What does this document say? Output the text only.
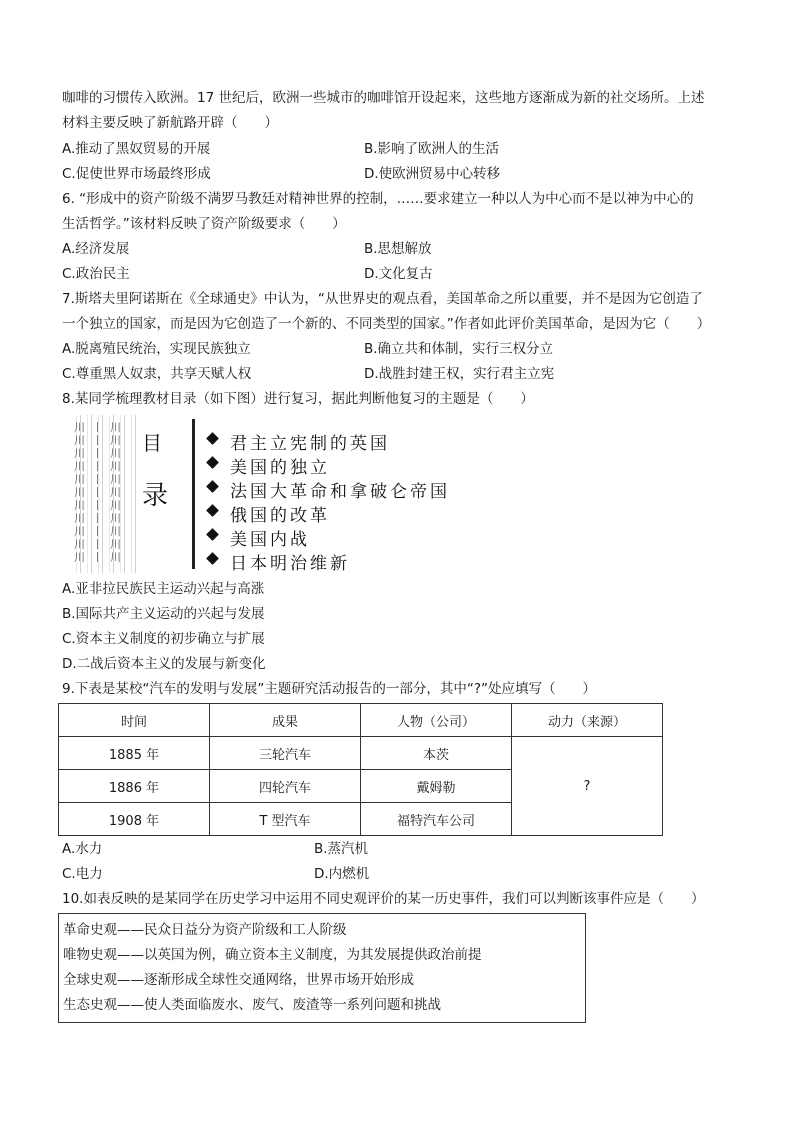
咖啡的习惯传入欧洲。17 世纪后，欧洲一些城市的咖啡馆开设起来，这些地方逐渐成为新的社交场所。上述
材料主要反映了新航路开辟（　　）
A.推动了黑奴贸易的开展	B.影响了欧洲人的生活
C.促使世界市场最终形成	D.使欧洲贸易中心转移
6. “形成中的资产阶级不满罗马教廷对精神世界的控制，……要求建立一种以人为中心而不是以神为中心的
生活哲学。”该材料反映了资产阶级要求（　　）
A.经济发展	B.思想解放
C.政治民主	D.文化复古
7.斯塔夫里阿诺斯在《全球通史》中认为，“从世界史的观点看，美国革命之所以重要，并不是因为它创造了
一个独立的国家，而是因为它创造了一个新的、不同类型的国家。”作者如此评价美国革命，是因为它（　　）
A.脱离殖民统治，实现民族独立	B.确立共和体制，实行三权分立
C.尊重黑人奴隶，共享天赋人权	D.战胜封建王权，实行君主立宪
8.某同学梳理教材目录（如下图）进行复习，据此判断他复习的主题是（　　）
川川川川川川川川川川川
丨丨丨丨丨丨丨丨丨丨丨
川川川川川川川川川川川
目
录
君主立宪制的英国
美国的独立
法国大革命和拿破仑帝国
俄国的改革
美国内战
日本明治维新
A.亚非拉民族民主运动兴起与高涨
B.国际共产主义运动的兴起与发展
C.资本主义制度的初步确立与扩展
D.二战后资本主义的发展与新变化
9.下表是某校“汽车的发明与发展”主题研究活动报告的一部分，其中“?”处应填写（　　）
时间	成果	人物（公司）	动力（来源）
1885 年	三轮汽车	本茨	?
1886 年	四轮汽车	戴姆勒	
1908 年	T 型汽车	福特汽车公司	
A.水力	B.蒸汽机
C.电力	D.内燃机
10.如表反映的是某同学在历史学习中运用不同史观评价的某一历史事件，我们可以判断该事件应是（　　）
革命史观——民众日益分为资产阶级和工人阶级
唯物史观——以英国为例，确立资本主义制度，为其发展提供政治前提
全球史观——逐渐形成全球性交通网络，世界市场开始形成
生态史观——使人类面临废水、废气、废渣等一系列问题和挑战
